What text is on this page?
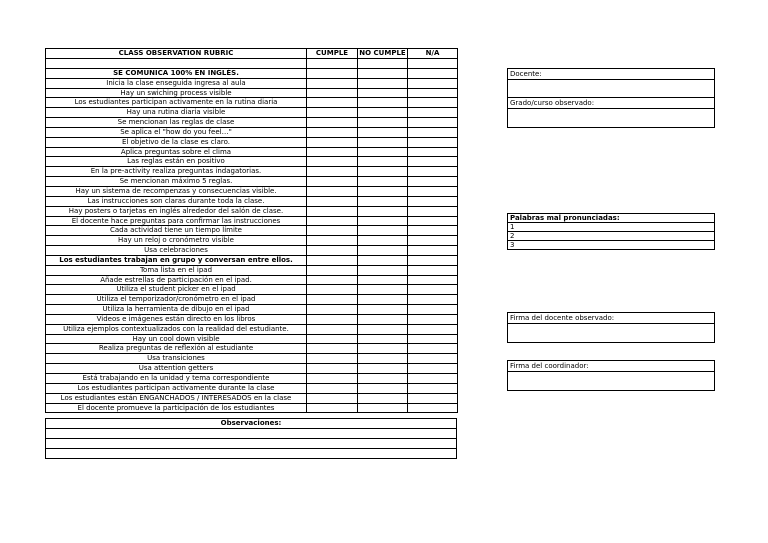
CLASS OBSERVATION RUBRIC	CUMPLE	NO CUMPLE	N/A

SE COMUNICA 100% EN INGLÉS.			
Inicia la clase enseguida ingresa al aula			
Hay un swiching process visible			
Los estudiantes participan activamente en la rutina diaria			
Hay una rutina diaria visible			
Se mencionan las reglas de clase			
Se aplica el "how do you feel…"			
El objetivo de la clase es claro.			
Aplica preguntas sobre el clima			
Las reglas están en positivo			
En la pre-activity realiza preguntas indagatorias.			
Se mencionan máximo 5 reglas.			
Hay un sistema de recompenzas y consecuencias visible.			
Las instrucciones son claras durante toda la clase.			
Hay posters o tarjetas en inglés alrededor del salón de clase.			
El docente hace preguntas para confirmar las instrucciones			
Cada actividad tiene un tiempo límite			
Hay un reloj o cronómetro visible			
Usa celebraciones			
Los estudiantes trabajan en grupo y conversan entre ellos.			
Toma lista en el ipad			
Añade estrellas de participación en el ipad.			
Utiliza el student picker en el ipad			
Utiliza el temporizador/cronómetro en el ipad			
Utiliza la herramienta de dibujo en el ipad			
Videos e imágenes están directo en los libros			
Utiliza ejemplos contextualizados con la realidad del estudiante.			
Hay un cool down visible			
Realiza preguntas de reflexión al estudiante			
Usa transiciones			
Usa attention getters			
Está trabajando en la unidad y tema correspondiente			
Los estudiantes participan activamente durante la clase			
Los estudiantes están ENGANCHADOS / INTERESADOS en la clase			
El docente promueve la participación de los estudiantes			
Observaciones:

Docente:
Grado/curso observado:
Palabras mal pronunciadas:
1
2
3
Firma del docente observado:
Firma del coordinador:
